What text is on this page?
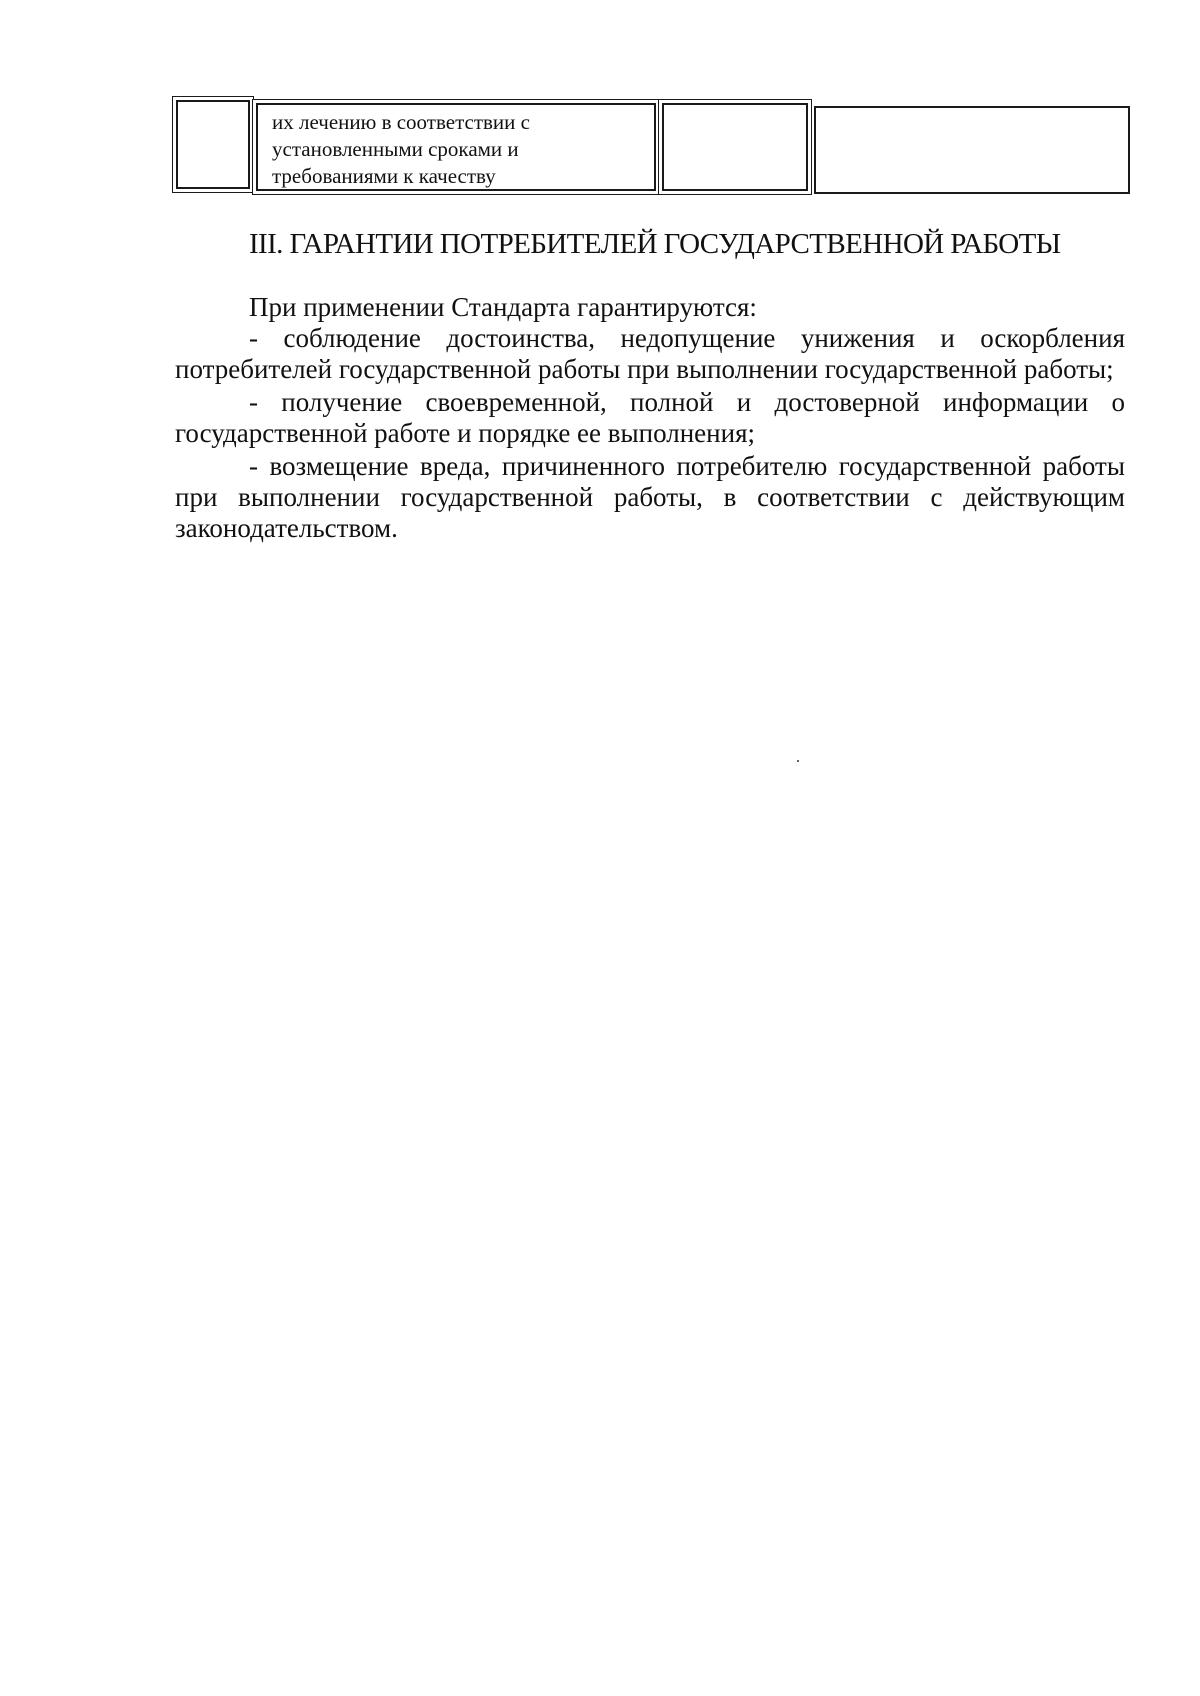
их лечению в соответствии с
установленными сроками и
требованиями к качеству

III. ГАРАНТИИ ПОТРЕБИТЕЛЕЙ ГОСУДАРСТВЕННОЙ РАБОТЫ

При применении Стандарта гарантируются:

- соблюдение достоинства, недопущение унижения и оскорбления потребителей государственной работы при выполнении государственной работы;

- получение своевременной, полной и достоверной информации о государственной работе и порядке ее выполнения;

- возмещение вреда, причиненного потребителю государственной работы при выполнении государственной работы, в соответствии с действующим законодательством.
